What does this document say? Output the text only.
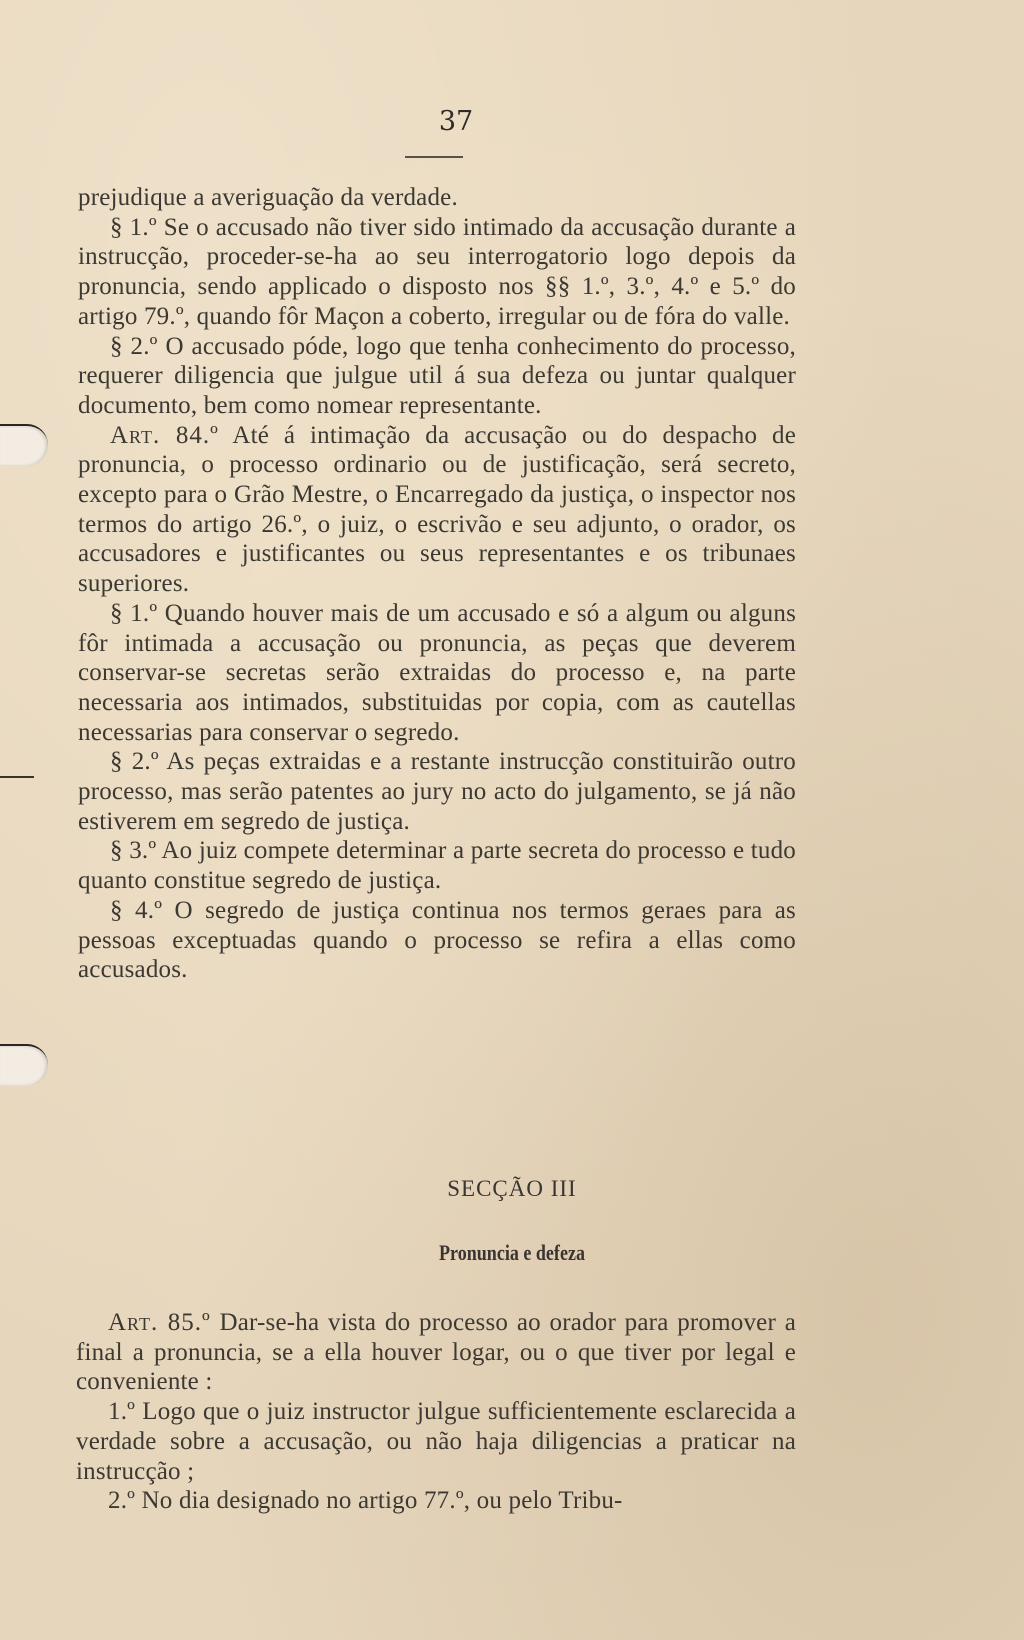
37

prejudique a averiguação da verdade.

§ 1.º Se o accusado não tiver sido intimado da accusação durante a instrucção, proceder-se-ha ao seu interrogatorio logo depois da pronuncia, sendo applicado o disposto nos §§ 1.º, 3.º, 4.º e 5.º do artigo 79.º, quando fôr Maçon a coberto, irregular ou de fóra do valle.

§ 2.º O accusado póde, logo que tenha conhecimento do processo, requerer diligencia que julgue util á sua defeza ou juntar qualquer documento, bem como nomear representante.

Art. 84.º Até á intimação da accusação ou do despacho de pronuncia, o processo ordinario ou de justificação, será secreto, excepto para o Grão Mestre, o Encarregado da justiça, o inspector nos termos do artigo 26.º, o juiz, o escrivão e seu adjunto, o orador, os accusadores e justificantes ou seus representantes e os tribunaes superiores.

§ 1.º Quando houver mais de um accusado e só a algum ou alguns fôr intimada a accusação ou pronuncia, as peças que deverem conservar-se secretas serão extraidas do processo e, na parte necessaria aos intimados, substituidas por copia, com as cautellas necessarias para conservar o segredo.

§ 2.º As peças extraidas e a restante instrucção constituirão outro processo, mas serão patentes ao jury no acto do julgamento, se já não estiverem em segredo de justiça.

§ 3.º Ao juiz compete determinar a parte secreta do processo e tudo quanto constitue segredo de justiça.

§ 4.º O segredo de justiça continua nos termos geraes para as pessoas exceptuadas quando o processo se refira a ellas como accusados.

SECÇÃO III
Pronuncia e defeza

Art. 85.º Dar-se-ha vista do processo ao orador para promover a final a pronuncia, se a ella houver logar, ou o que tiver por legal e conveniente :

1.º Logo que o juiz instructor julgue sufficientemente esclarecida a verdade sobre a accusação, ou não haja diligencias a praticar na instrucção ;

2.º No dia designado no artigo 77.º, ou pelo Tribu-
